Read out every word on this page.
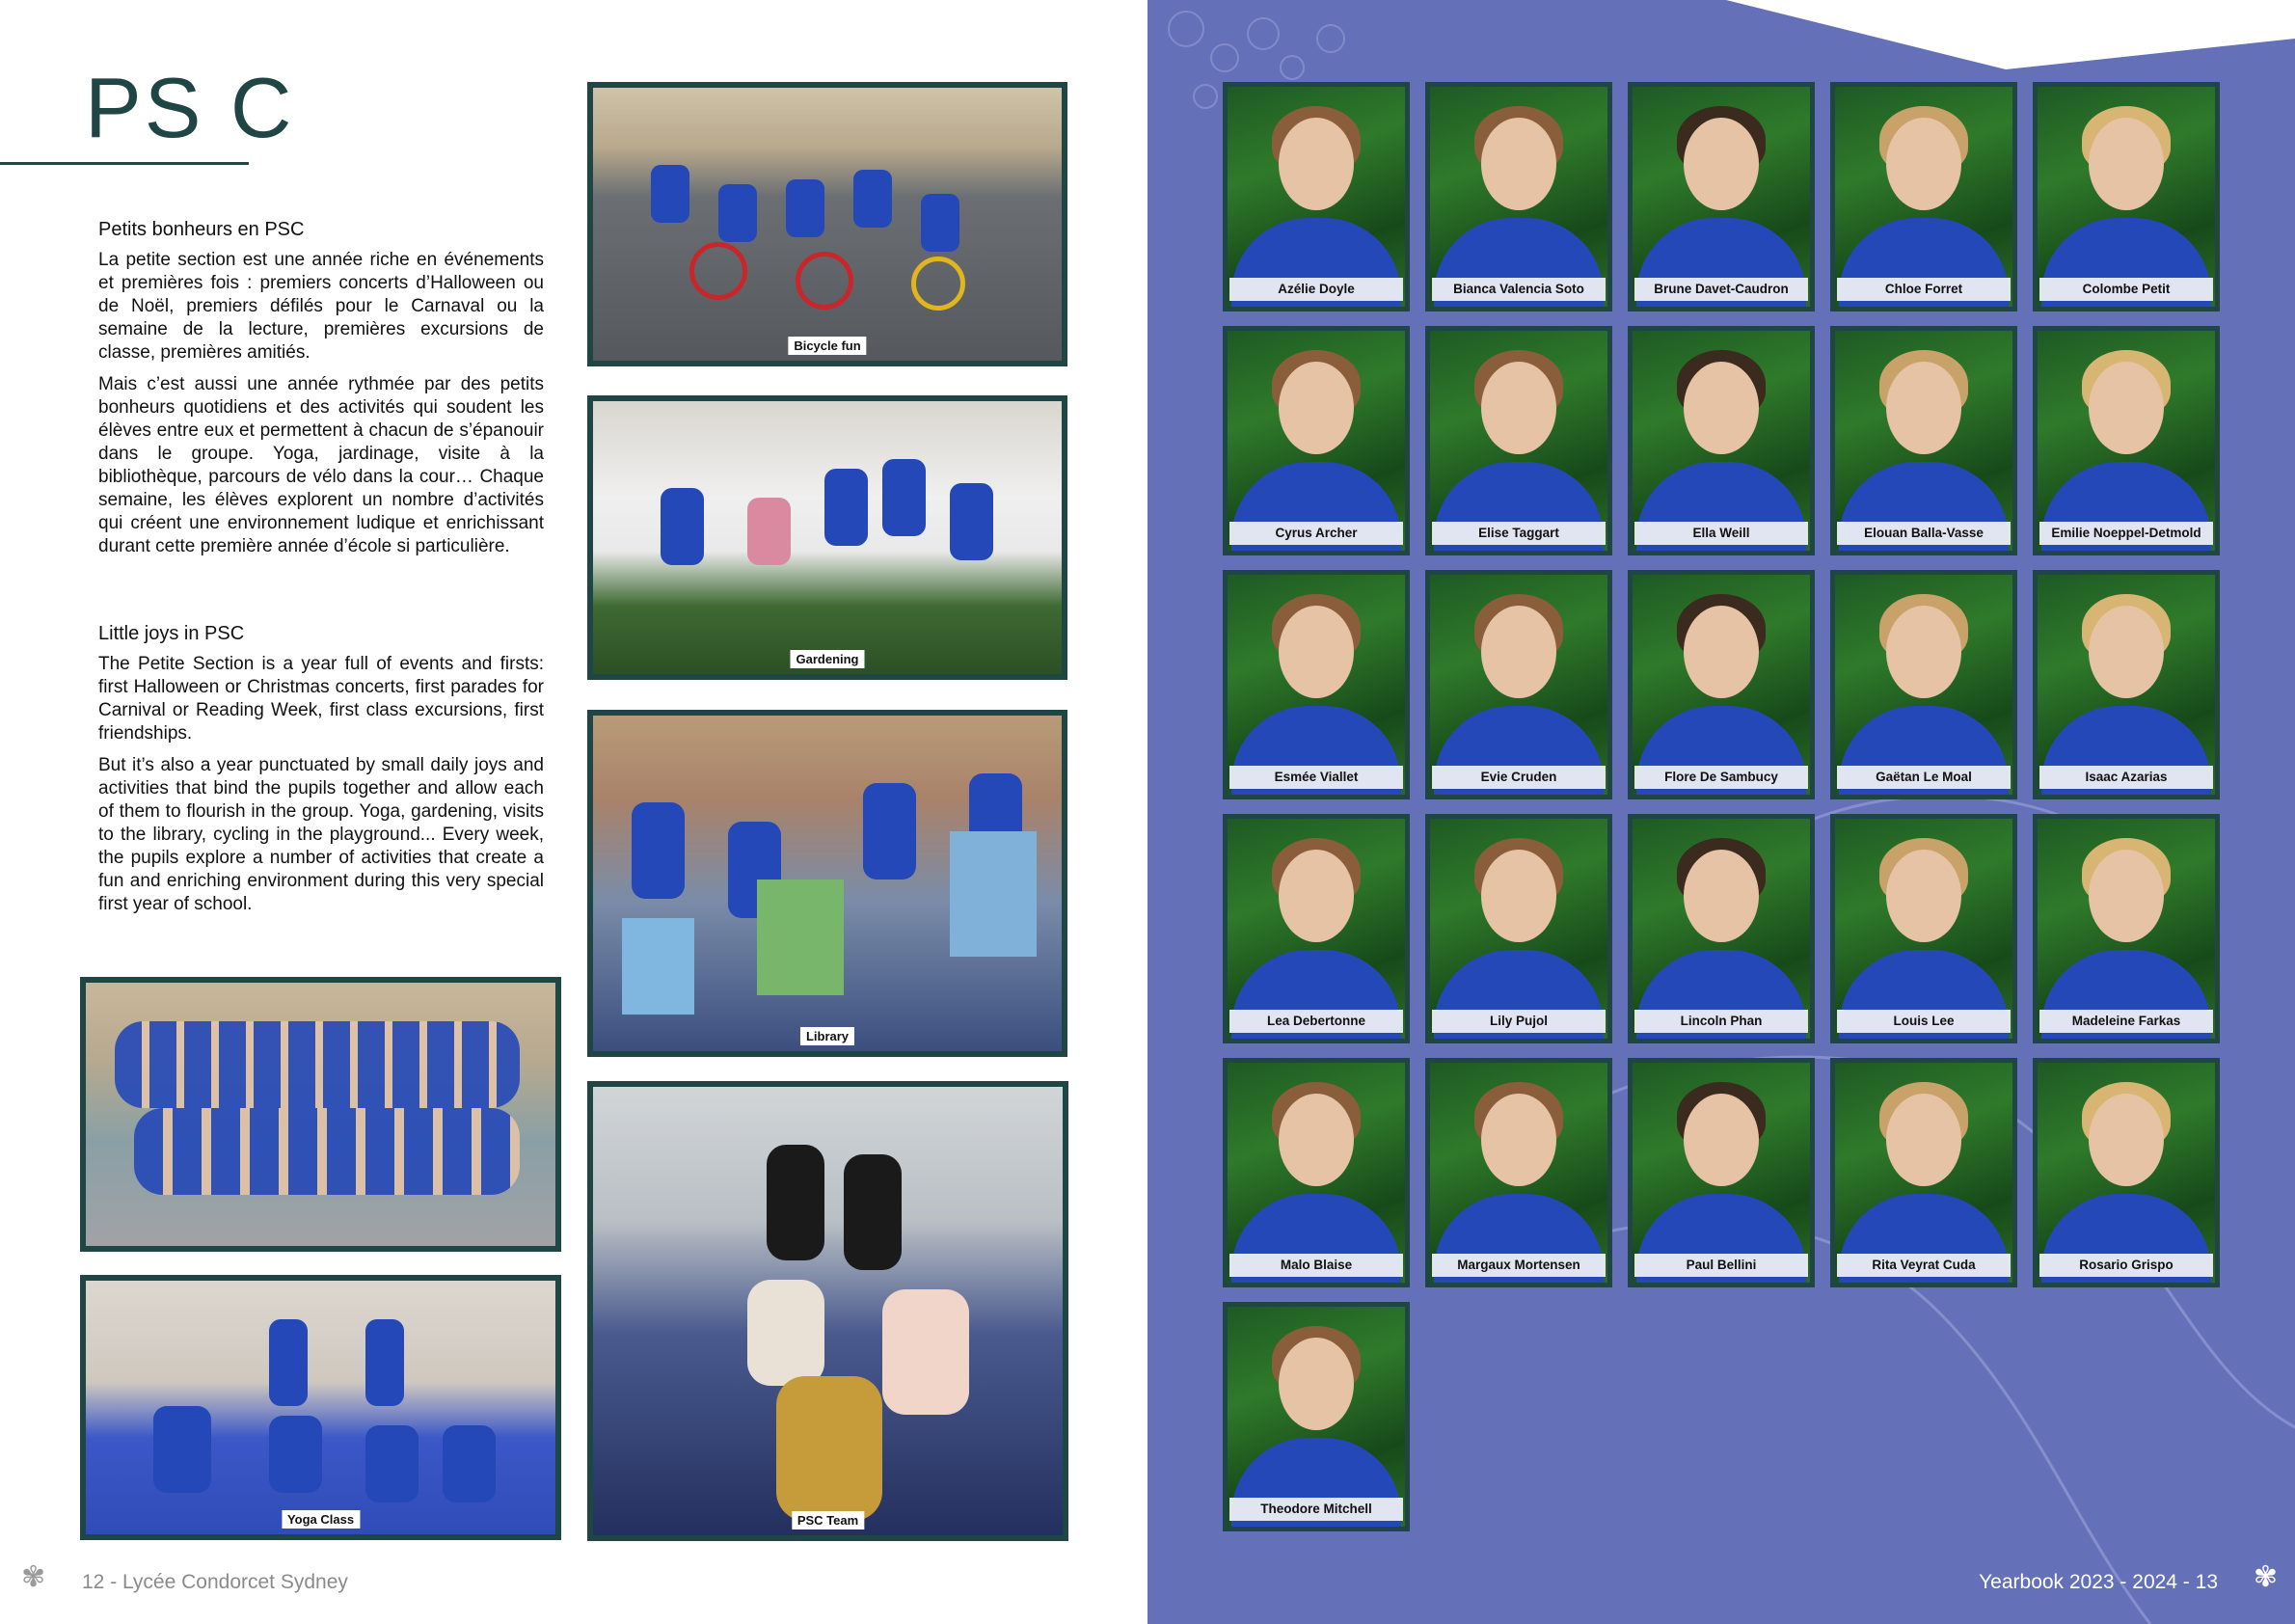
PS C
Petits bonheurs en PSC

La petite section est une année riche en événements et premières fois : premiers concerts d’Halloween ou de Noël, premiers défilés pour le Carnaval ou la semaine de la lecture, premières excursions de classe, premières amitiés.

Mais c’est aussi une année rythmée par des petits bonheurs quotidiens et des activités qui soudent les élèves entre eux et permettent à chacun de s’épanouir dans le groupe. Yoga, jardinage, visite à la bibliothèque, parcours de vélo dans la cour… Chaque semaine, les élèves explorent un nombre d’activités qui créent une environnement ludique et enrichissant durant cette première année d’école si particulière.

Little joys in PSC

The Petite Section is a year full of events and firsts: first Halloween or Christmas concerts, first parades for Carnival or Reading Week, first class excursions, first friendships.

But it’s also a year punctuated by small daily joys and activities that bind the pupils together and allow each of them to flourish in the group. Yoga, gardening, visits to the library, cycling in the playground... Every week, the pupils explore a number of activities that create a fun and enriching environment during this very special first year of school.

Bicycle fun
Gardening
Library
Yoga Class	PSC Team
✾ 12 - Lycée Condorcet Sydney
Azélie Doyle	Bianca Valencia Soto	Brune Davet-Caudron	Chloe Forret	Colombe Petit
Cyrus Archer	Elise Taggart	Ella Weill	Elouan Balla-Vasse	Emilie Noeppel-Detmold
Esmée Viallet	Evie Cruden	Flore De Sambucy	Gaëtan Le Moal	Isaac Azarias
Lea Debertonne	Lily Pujol	Lincoln Phan	Louis Lee	Madeleine Farkas
Malo Blaise	Margaux Mortensen	Paul Bellini	Rita Veyrat Cuda	Rosario Grispo
Theodore Mitchell
✾
Yearbook 2023 - 2024 - 13
